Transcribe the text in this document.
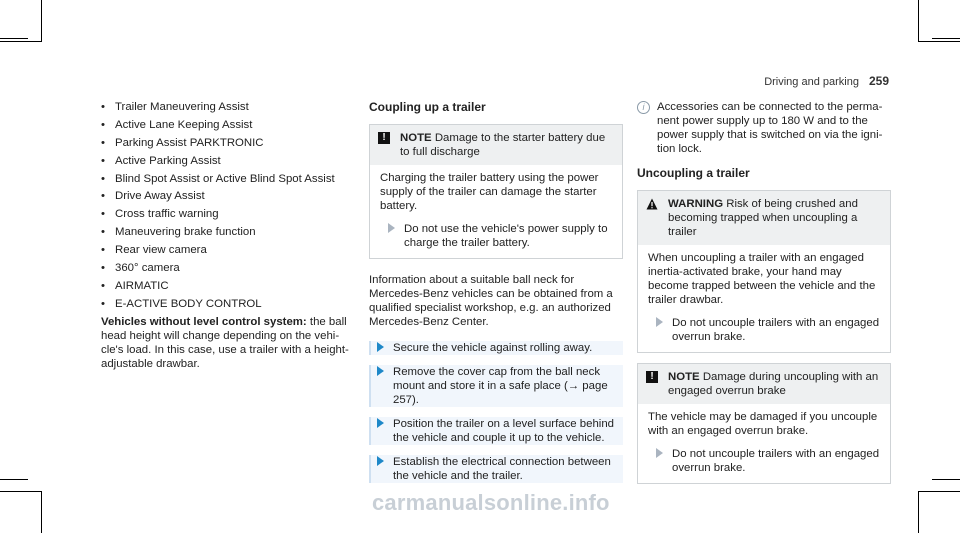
Driving and parking 259
• Trailer Maneuvering Assist
• Active Lane Keeping Assist
• Parking Assist PARKTRONIC
• Active Parking Assist
• Blind Spot Assist or Active Blind Spot Assist
• Drive Away Assist
• Cross traffic warning
• Maneuvering brake function
• Rear view camera
• 360° camera
• AIRMATIC
• E-ACTIVE BODY CONTROL

Vehicles without level control system: the ball head height will change depending on the vehi- cle's load. In this case, use a trailer with a height- adjustable drawbar.

Coupling up a trailer
!	NOTE Damage to the starter battery due to full discharge

Charging the trailer battery using the power supply of the trailer can damage the starter battery.

Do not use the vehicle's power supply to charge the trailer battery.

Information about a suitable ball neck for Mercedes-Benz vehicles can be obtained from a qualified specialist workshop, e.g. an authorized Mercedes-Benz Center.

Secure the vehicle against rolling away.
Remove the cover cap from the ball neck mount and store it in a safe place (→ page 257).
Position the trailer on a level surface behind the vehicle and couple it up to the vehicle.
Establish the electrical connection between the vehicle and the trailer.
i	Accessories can be connected to the perma- nent power supply up to 180 W and to the power supply that is switched on via the igni- tion lock.
Uncoupling a trailer
WARNING Risk of being crushed and becoming trapped when uncoupling a trailer

When uncoupling a trailer with an engaged inertia-activated brake, your hand may become trapped between the vehicle and the trailer drawbar.

Do not uncouple trailers with an engaged overrun brake.
!	NOTE Damage during uncoupling with an engaged overrun brake

The vehicle may be damaged if you uncouple with an engaged overrun brake.

Do not uncouple trailers with an engaged overrun brake.
carmanualsonline.info
